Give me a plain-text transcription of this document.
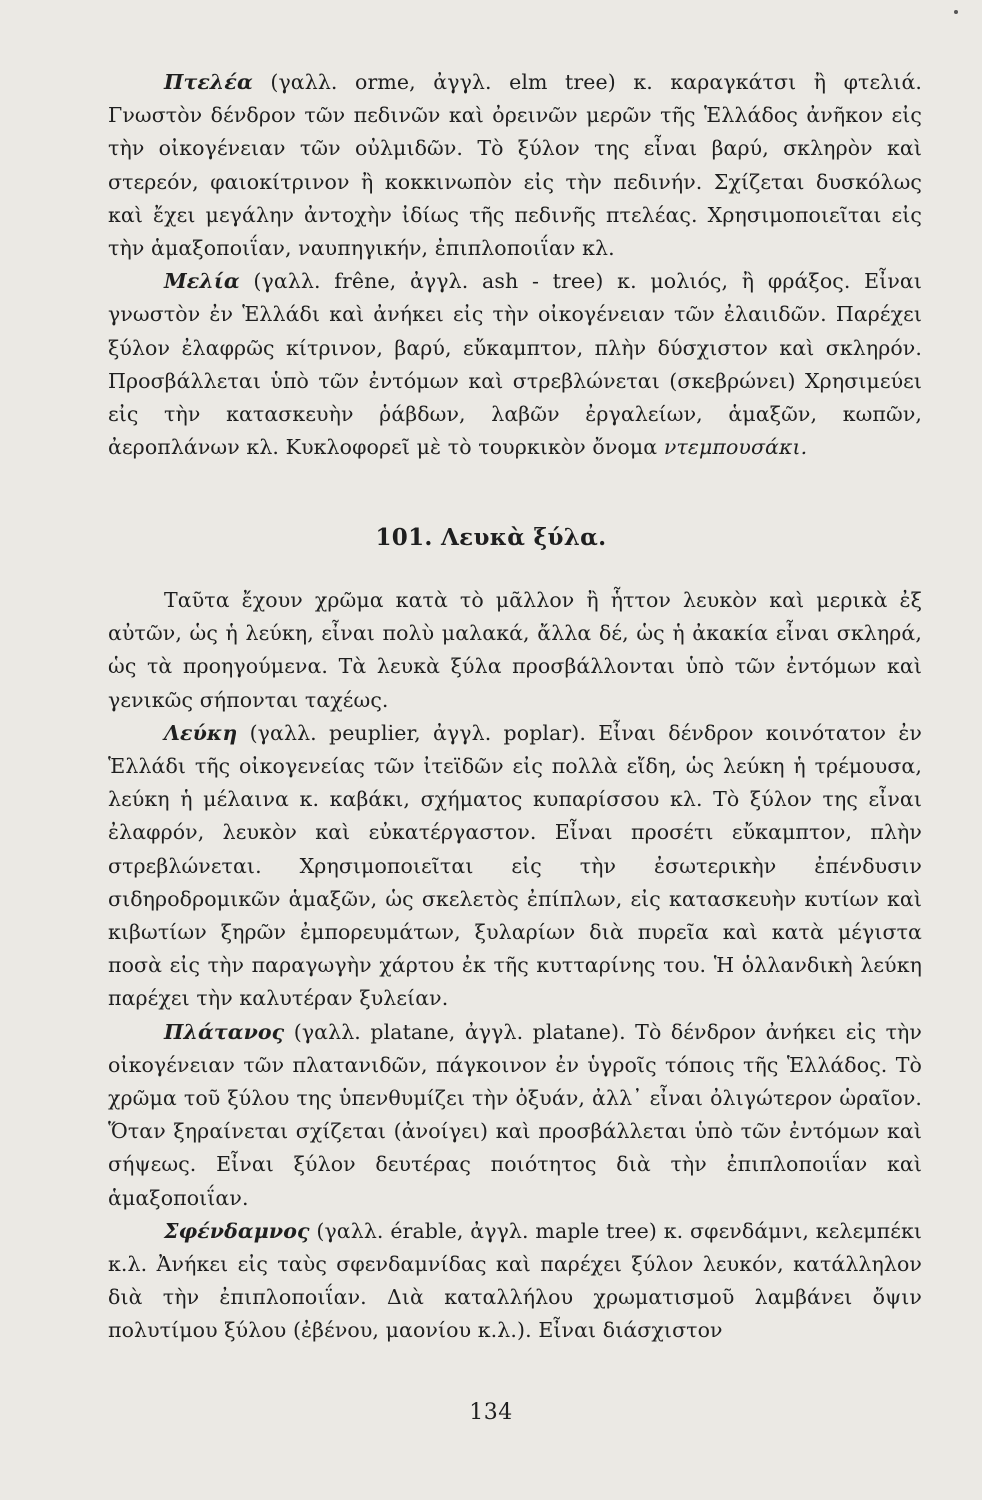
Πτελέα (γαλλ. orme, ἀγγλ. elm tree) κ. καραγκάτσι ἢ φτελιά. Γνωστὸν δένδρον τῶν πεδινῶν καὶ ὀρεινῶν μερῶν τῆς Ἑλλάδος ἀνῆκον εἰς τὴν οἰκογένειαν τῶν οὐλμιδῶν. Τὸ ξύλον της εἶναι βαρύ, σκληρὸν καὶ στερεόν, φαιοκίτρινον ἢ κοκκινωπὸν εἰς τὴν πεδινήν. Σχίζεται δυσκόλως καὶ ἔχει μεγάλην ἀντοχὴν ἰδίως τῆς πεδινῆς πτελέας. Χρησιμοποιεῖται εἰς τὴν ἁμαξοποιΐαν, ναυπηγικήν, ἐπιπλοποιΐαν κλ.

Μελία (γαλλ. frêne, ἀγγλ. ash - tree) κ. μολιός, ἢ φράξος. Εἶναι γνωστὸν ἐν Ἑλλάδι καὶ ἀνήκει εἰς τὴν οἰκογένειαν τῶν ἐλαιιδῶν. Παρέχει ξύλον ἐλαφρῶς κίτρινον, βαρύ, εὔκαμπτον, πλὴν δύσχιστον καὶ σκληρόν. Προσβάλλεται ὑπὸ τῶν ἐντόμων καὶ στρεβλώνεται (σκεβρώνει) Χρησιμεύει εἰς τὴν κατασκευὴν ῥάβδων, λαβῶν ἐργαλείων, ἁμαξῶν, κωπῶν, ἀεροπλάνων κλ. Κυκλοφορεῖ μὲ τὸ τουρκικὸν ὄνομα ντεμπουσάκι.

101. Λευκὰ ξύλα.

Ταῦτα ἔχουν χρῶμα κατὰ τὸ μᾶλλον ἢ ἧττον λευκὸν καὶ μερικὰ ἐξ αὐτῶν, ὡς ἡ λεύκη, εἶναι πολὺ μαλακά, ἄλλα δέ, ὡς ἡ ἀκακία εἶναι σκληρά, ὡς τὰ προηγούμενα. Τὰ λευκὰ ξύλα προσβάλλονται ὑπὸ τῶν ἐντόμων καὶ γενικῶς σήπονται ταχέως.

Λεύκη (γαλλ. peuplier, ἀγγλ. poplar). Εἶναι δένδρον κοινότατον ἐν Ἑλλάδι τῆς οἰκογενείας τῶν ἰτεϊδῶν εἰς πολλὰ εἴδη, ὡς λεύκη ἡ τρέμουσα, λεύκη ἡ μέλαινα κ. καβάκι, σχήματος κυπαρίσσου κλ. Τὸ ξύλον της εἶναι ἐλαφρόν, λευκὸν καὶ εὐκατέργαστον. Εἶναι προσέτι εὔκαμπτον, πλὴν στρεβλώνεται. Χρησιμοποιεῖται εἰς τὴν ἐσωτερικὴν ἐπένδυσιν σιδηροδρομικῶν ἁμαξῶν, ὡς σκελετὸς ἐπίπλων, εἰς κατασκευὴν κυτίων καὶ κιβωτίων ξηρῶν ἐμπορευμάτων, ξυλαρίων διὰ πυρεῖα καὶ κατὰ μέγιστα ποσὰ εἰς τὴν παραγωγὴν χάρτου ἐκ τῆς κυτταρίνης του. Ἡ ὁλλανδικὴ λεύκη παρέχει τὴν καλυτέραν ξυλείαν.

Πλάτανος (γαλλ. platane, ἀγγλ. platane). Τὸ δένδρον ἀνήκει εἰς τὴν οἰκογένειαν τῶν πλατανιδῶν, πάγκοινον ἐν ὑγροῖς τόποις τῆς Ἑλλάδος. Τὸ χρῶμα τοῦ ξύλου της ὑπενθυμίζει τὴν ὀξυάν, ἀλλ᾿ εἶναι ὀλιγώτερον ὡραῖον. Ὅταν ξηραίνεται σχίζεται (ἀνοίγει) καὶ προσβάλλεται ὑπὸ τῶν ἐντόμων καὶ σήψεως. Εἶναι ξύλον δευτέρας ποιότητος διὰ τὴν ἐπιπλοποιΐαν καὶ ἁμαξοποιΐαν.

Σφένδαμνος (γαλλ. érable, ἀγγλ. maple tree) κ. σφενδάμνι, κελεμπέκι κ.λ. Ἀνήκει εἰς ταὺς σφενδαμνίδας καὶ παρέχει ξύλον λευκόν, κατάλληλον διὰ τὴν ἐπιπλοποιΐαν. Διὰ καταλλήλου χρωματισμοῦ λαμβάνει ὄψιν πολυτίμου ξύλου (ἐβένου, μαονίου κ.λ.). Εἶναι διάσχιστον

134
